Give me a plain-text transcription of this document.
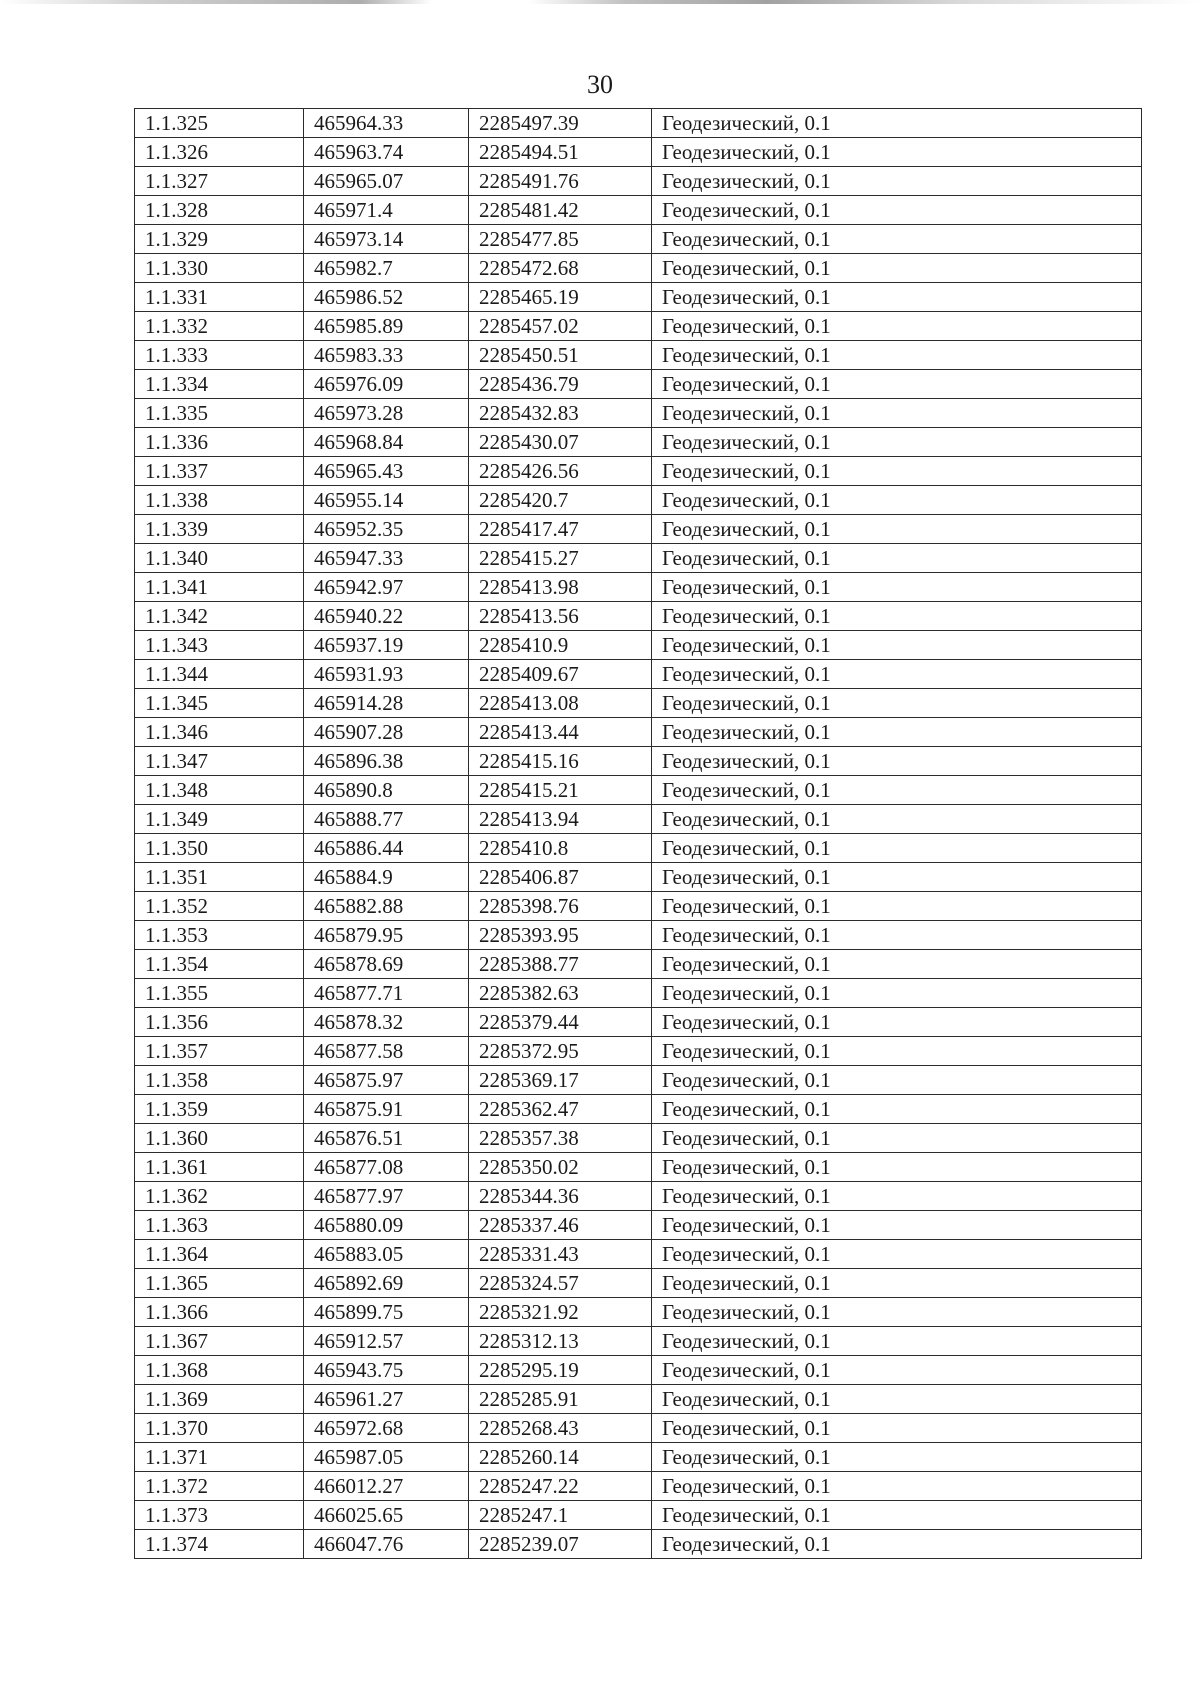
30
1.1.325	465964.33	2285497.39	Геодезический, 0.1
1.1.326	465963.74	2285494.51	Геодезический, 0.1
1.1.327	465965.07	2285491.76	Геодезический, 0.1
1.1.328	465971.4	2285481.42	Геодезический, 0.1
1.1.329	465973.14	2285477.85	Геодезический, 0.1
1.1.330	465982.7	2285472.68	Геодезический, 0.1
1.1.331	465986.52	2285465.19	Геодезический, 0.1
1.1.332	465985.89	2285457.02	Геодезический, 0.1
1.1.333	465983.33	2285450.51	Геодезический, 0.1
1.1.334	465976.09	2285436.79	Геодезический, 0.1
1.1.335	465973.28	2285432.83	Геодезический, 0.1
1.1.336	465968.84	2285430.07	Геодезический, 0.1
1.1.337	465965.43	2285426.56	Геодезический, 0.1
1.1.338	465955.14	2285420.7	Геодезический, 0.1
1.1.339	465952.35	2285417.47	Геодезический, 0.1
1.1.340	465947.33	2285415.27	Геодезический, 0.1
1.1.341	465942.97	2285413.98	Геодезический, 0.1
1.1.342	465940.22	2285413.56	Геодезический, 0.1
1.1.343	465937.19	2285410.9	Геодезический, 0.1
1.1.344	465931.93	2285409.67	Геодезический, 0.1
1.1.345	465914.28	2285413.08	Геодезический, 0.1
1.1.346	465907.28	2285413.44	Геодезический, 0.1
1.1.347	465896.38	2285415.16	Геодезический, 0.1
1.1.348	465890.8	2285415.21	Геодезический, 0.1
1.1.349	465888.77	2285413.94	Геодезический, 0.1
1.1.350	465886.44	2285410.8	Геодезический, 0.1
1.1.351	465884.9	2285406.87	Геодезический, 0.1
1.1.352	465882.88	2285398.76	Геодезический, 0.1
1.1.353	465879.95	2285393.95	Геодезический, 0.1
1.1.354	465878.69	2285388.77	Геодезический, 0.1
1.1.355	465877.71	2285382.63	Геодезический, 0.1
1.1.356	465878.32	2285379.44	Геодезический, 0.1
1.1.357	465877.58	2285372.95	Геодезический, 0.1
1.1.358	465875.97	2285369.17	Геодезический, 0.1
1.1.359	465875.91	2285362.47	Геодезический, 0.1
1.1.360	465876.51	2285357.38	Геодезический, 0.1
1.1.361	465877.08	2285350.02	Геодезический, 0.1
1.1.362	465877.97	2285344.36	Геодезический, 0.1
1.1.363	465880.09	2285337.46	Геодезический, 0.1
1.1.364	465883.05	2285331.43	Геодезический, 0.1
1.1.365	465892.69	2285324.57	Геодезический, 0.1
1.1.366	465899.75	2285321.92	Геодезический, 0.1
1.1.367	465912.57	2285312.13	Геодезический, 0.1
1.1.368	465943.75	2285295.19	Геодезический, 0.1
1.1.369	465961.27	2285285.91	Геодезический, 0.1
1.1.370	465972.68	2285268.43	Геодезический, 0.1
1.1.371	465987.05	2285260.14	Геодезический, 0.1
1.1.372	466012.27	2285247.22	Геодезический, 0.1
1.1.373	466025.65	2285247.1	Геодезический, 0.1
1.1.374	466047.76	2285239.07	Геодезический, 0.1
